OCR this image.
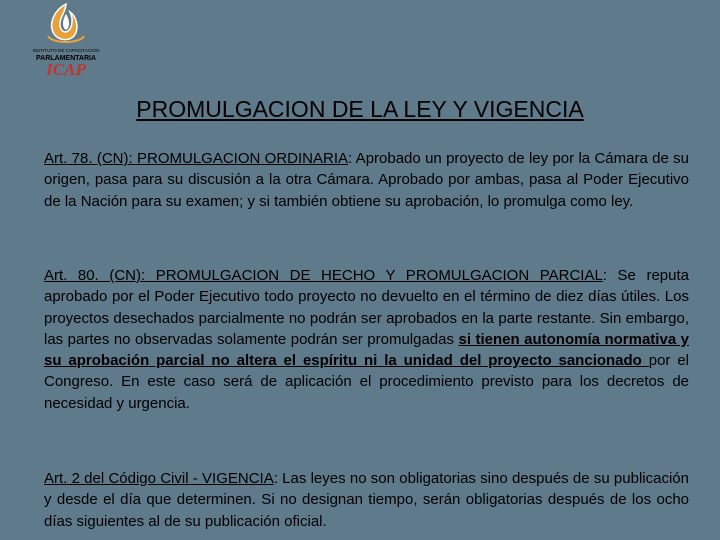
INSTITUTO DE CAPACITACION
PARLAMENTARIA
ICAP
PROMULGACION DE LA LEY Y VIGENCIA

Art. 78. (CN): PROMULGACION ORDINARIA: Aprobado un proyecto de ley por la Cámara de su origen, pasa para su discusión a la otra Cámara. Aprobado por ambas, pasa al Poder Ejecutivo de la Nación para su examen; y si también obtiene su aprobación, lo promulga como ley.

Art. 80. (CN): PROMULGACION DE HECHO Y PROMULGACION PARCIAL: Se reputa aprobado por el Poder Ejecutivo todo proyecto no devuelto en el término de diez días útiles. Los proyectos desechados parcialmente no podrán ser aprobados en la parte restante. Sin embargo, las partes no observadas solamente podrán ser promulgadas si tienen autonomía normativa y su aprobación parcial no altera el espíritu ni la unidad del proyecto sancionado por el Congreso. En este caso será de aplicación el procedimiento previsto para los decretos de necesidad y urgencia.

Art. 2 del Código Civil - VIGENCIA: Las leyes no son obligatorias sino después de su publicación y desde el día que determinen. Si no designan tiempo, serán obligatorias después de los ocho días siguientes al de su publicación oficial.
